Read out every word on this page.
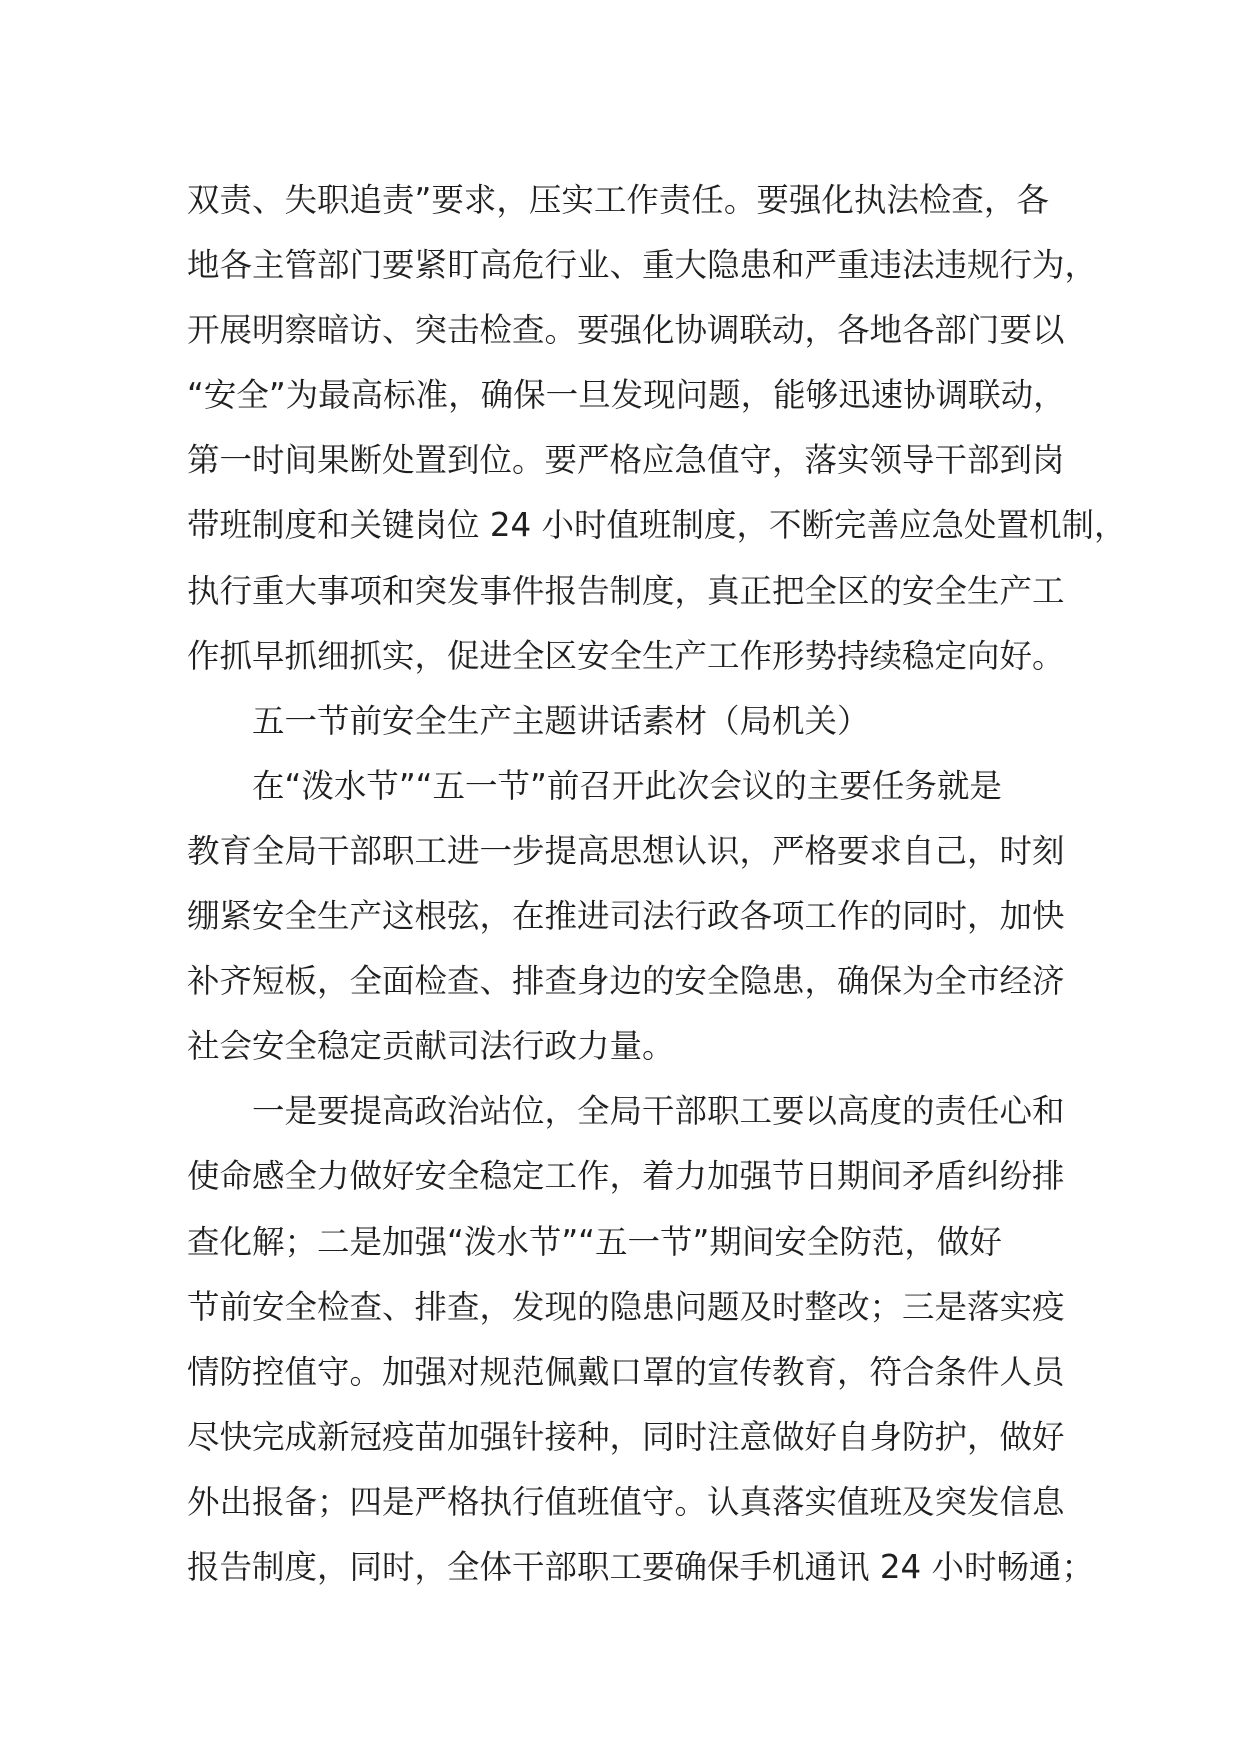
双责、失职追责”要求，压实工作责任。要强化执法检查，各
地各主管部门要紧盯高危行业、重大隐患和严重违法违规行为，
开展明察暗访、突击检查。要强化协调联动，各地各部门要以
“安全”为最高标准，确保一旦发现问题，能够迅速协调联动，
第一时间果断处置到位。要严格应急值守，落实领导干部到岗
带班制度和关键岗位 24 小时值班制度，不断完善应急处置机制，
执行重大事项和突发事件报告制度，真正把全区的安全生产工
作抓早抓细抓实，促进全区安全生产工作形势持续稳定向好。
五一节前安全生产主题讲话素材（局机关）
在“泼水节”“五一节”前召开此次会议的主要任务就是
教育全局干部职工进一步提高思想认识，严格要求自己，时刻
绷紧安全生产这根弦，在推进司法行政各项工作的同时，加快
补齐短板，全面检查、排查身边的安全隐患，确保为全市经济
社会安全稳定贡献司法行政力量。
一是要提高政治站位，全局干部职工要以高度的责任心和
使命感全力做好安全稳定工作，着力加强节日期间矛盾纠纷排
查化解；二是加强“泼水节”“五一节”期间安全防范，做好
节前安全检查、排查，发现的隐患问题及时整改；三是落实疫
情防控值守。加强对规范佩戴口罩的宣传教育，符合条件人员
尽快完成新冠疫苗加强针接种，同时注意做好自身防护，做好
外出报备；四是严格执行值班值守。认真落实值班及突发信息
报告制度，同时，全体干部职工要确保手机通讯 24 小时畅通；
